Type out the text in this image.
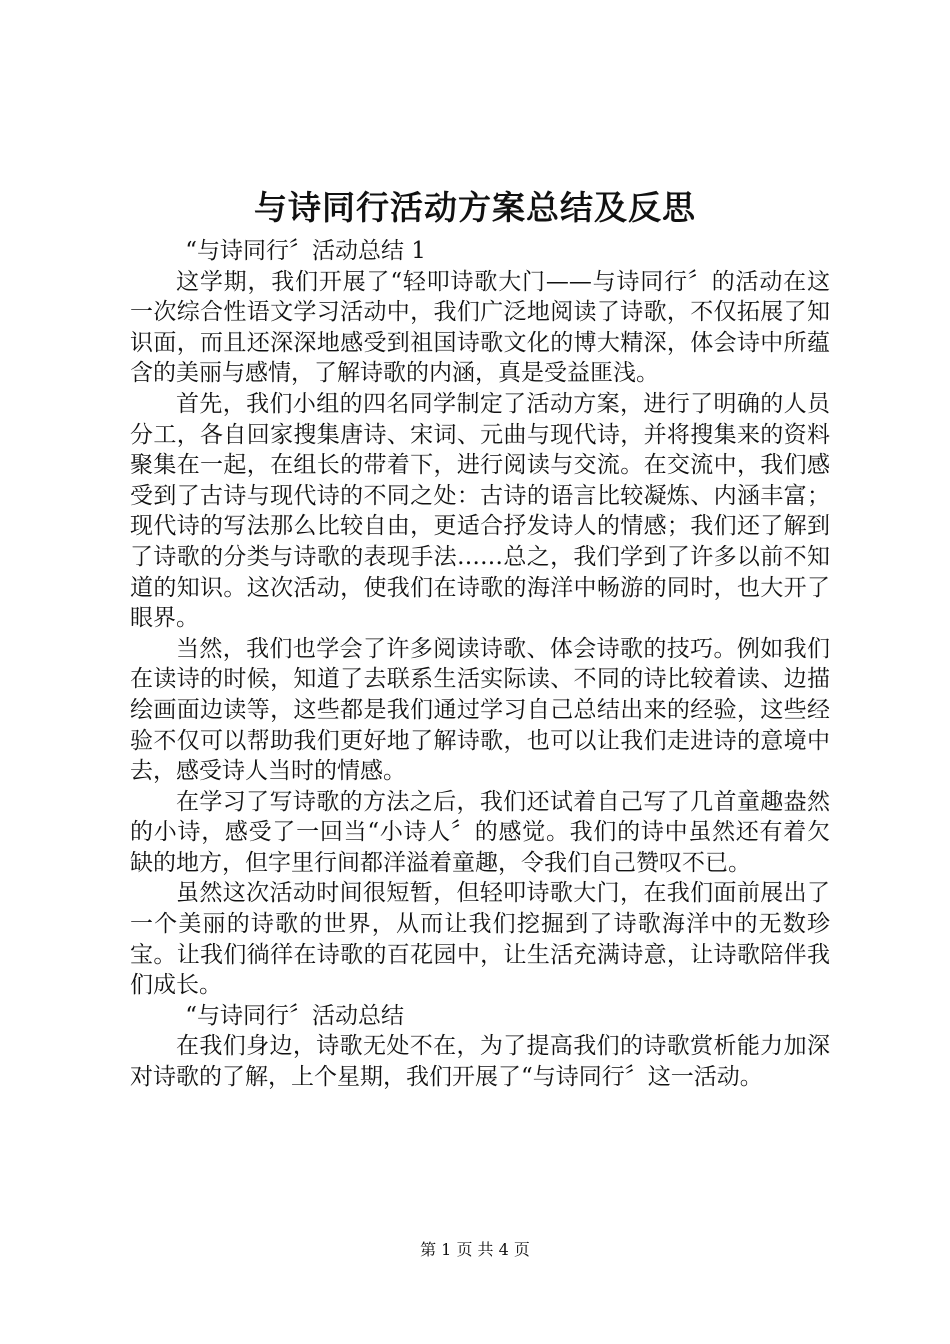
与诗同行活动方案总结及反思

“与诗同行〞活动总结 1

这学期，我们开展了“轻叩诗歌大门——与诗同行〞的活动在这一次综合性语文学习活动中，我们广泛地阅读了诗歌，不仅拓展了知识面，而且还深深地感受到祖国诗歌文化的博大精深，体会诗中所蕴含的美丽与感情，了解诗歌的内涵，真是受益匪浅。

首先，我们小组的四名同学制定了活动方案，进行了明确的人员分工，各自回家搜集唐诗、宋词、元曲与现代诗，并将搜集来的资料聚集在一起，在组长的带着下，进行阅读与交流。在交流中，我们感受到了古诗与现代诗的不同之处：古诗的语言比较凝炼、内涵丰富；现代诗的写法那么比较自由，更适合抒发诗人的情感；我们还了解到了诗歌的分类与诗歌的表现手法……总之，我们学到了许多以前不知道的知识。这次活动，使我们在诗歌的海洋中畅游的同时，也大开了眼界。

当然，我们也学会了许多阅读诗歌、体会诗歌的技巧。例如我们在读诗的时候，知道了去联系生活实际读、不同的诗比较着读、边描绘画面边读等，这些都是我们通过学习自己总结出来的经验，这些经验不仅可以帮助我们更好地了解诗歌，也可以让我们走进诗的意境中去，感受诗人当时的情感。

在学习了写诗歌的方法之后，我们还试着自己写了几首童趣盎然的小诗，感受了一回当“小诗人〞的感觉。我们的诗中虽然还有着欠缺的地方，但字里行间都洋溢着童趣，令我们自己赞叹不已。

虽然这次活动时间很短暂，但轻叩诗歌大门，在我们面前展出了一个美丽的诗歌的世界，从而让我们挖掘到了诗歌海洋中的无数珍宝。让我们徜徉在诗歌的百花园中，让生活充满诗意，让诗歌陪伴我们成长。

“与诗同行〞活动总结

在我们身边，诗歌无处不在，为了提高我们的诗歌赏析能力加深对诗歌的了解，上个星期，我们开展了“与诗同行〞这一活动。

第 1 页 共 4 页
